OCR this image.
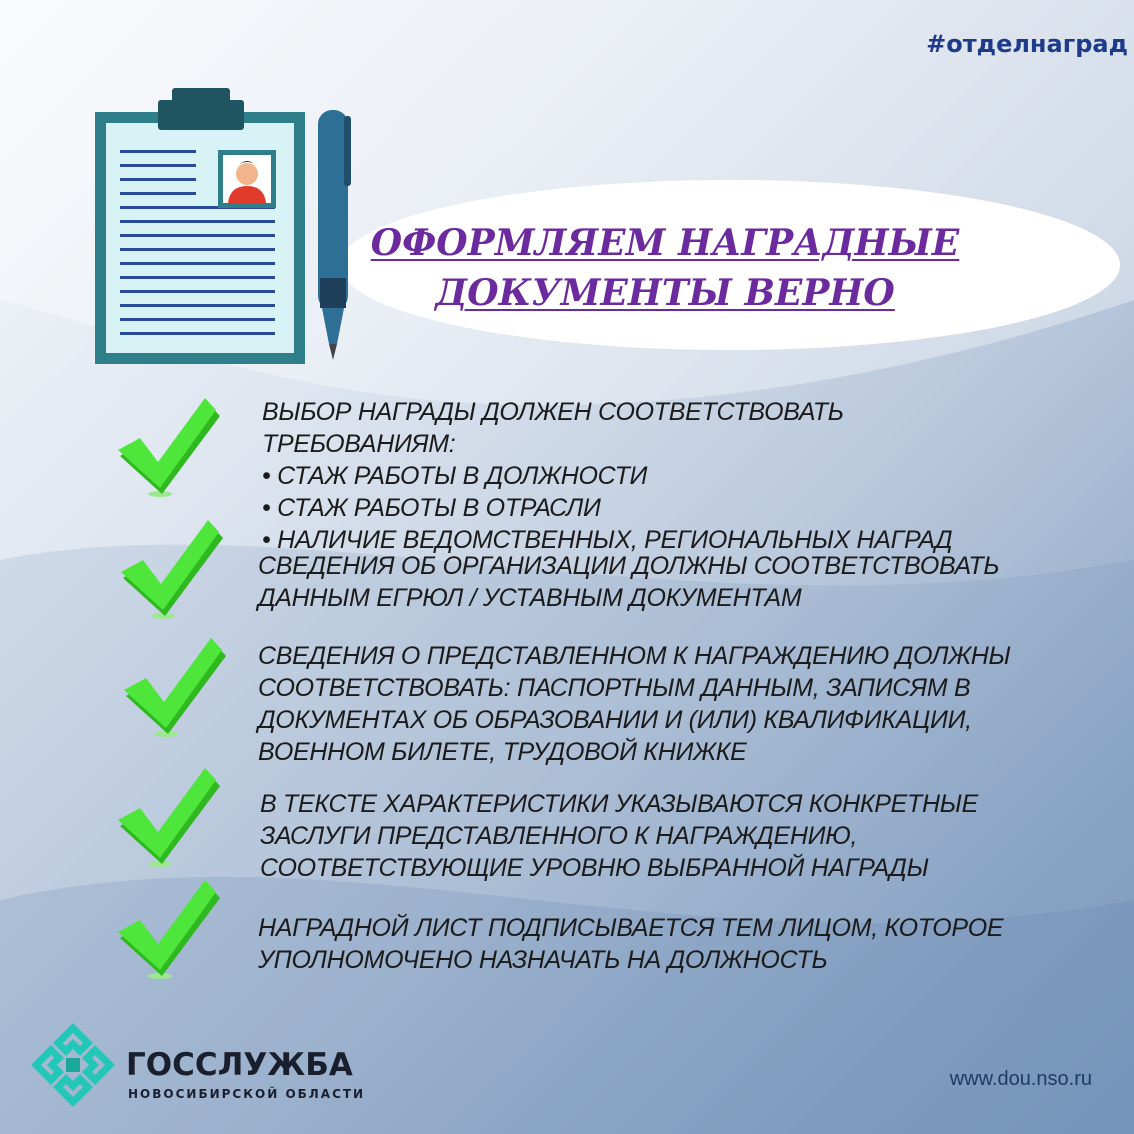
#отделнаград
ОФОРМЛЯЕМ НАГРАДНЫЕ
ДОКУМЕНТЫ ВЕРНО

ВЫБОР НАГРАДЫ ДОЛЖЕН СООТВЕТСТВОВАТЬ ТРЕБОВАНИЯМ:

• СТАЖ РАБОТЫ В ДОЛЖНОСТИ

• СТАЖ РАБОТЫ В ОТРАСЛИ

• НАЛИЧИЕ ВЕДОМСТВЕННЫХ, РЕГИОНАЛЬНЫХ НАГРАД

СВЕДЕНИЯ ОБ ОРГАНИЗАЦИИ ДОЛЖНЫ СООТВЕТСТВОВАТЬ

ДАННЫМ ЕГРЮЛ / УСТАВНЫМ ДОКУМЕНТАМ

СВЕДЕНИЯ О ПРЕДСТАВЛЕННОМ К НАГРАЖДЕНИЮ ДОЛЖНЫ

СООТВЕТСТВОВАТЬ: ПАСПОРТНЫМ ДАННЫМ, ЗАПИСЯМ В

ДОКУМЕНТАХ ОБ ОБРАЗОВАНИИ И (ИЛИ) КВАЛИФИКАЦИИ,

ВОЕННОМ БИЛЕТЕ, ТРУДОВОЙ КНИЖКЕ

В ТЕКСТЕ ХАРАКТЕРИСТИКИ УКАЗЫВАЮТСЯ КОНКРЕТНЫЕ

ЗАСЛУГИ ПРЕДСТАВЛЕННОГО К НАГРАЖДЕНИЮ,

СООТВЕТСТВУЮЩИЕ УРОВНЮ ВЫБРАННОЙ НАГРАДЫ

НАГРАДНОЙ ЛИСТ ПОДПИСЫВАЕТСЯ ТЕМ ЛИЦОМ, КОТОРОЕ

УПОЛНОМОЧЕНО НАЗНАЧАТЬ НА ДОЛЖНОСТЬ

ГОССЛУЖБА
НОВОСИБИРСКОЙ ОБЛАСТИ
www.dou.nso.ru
